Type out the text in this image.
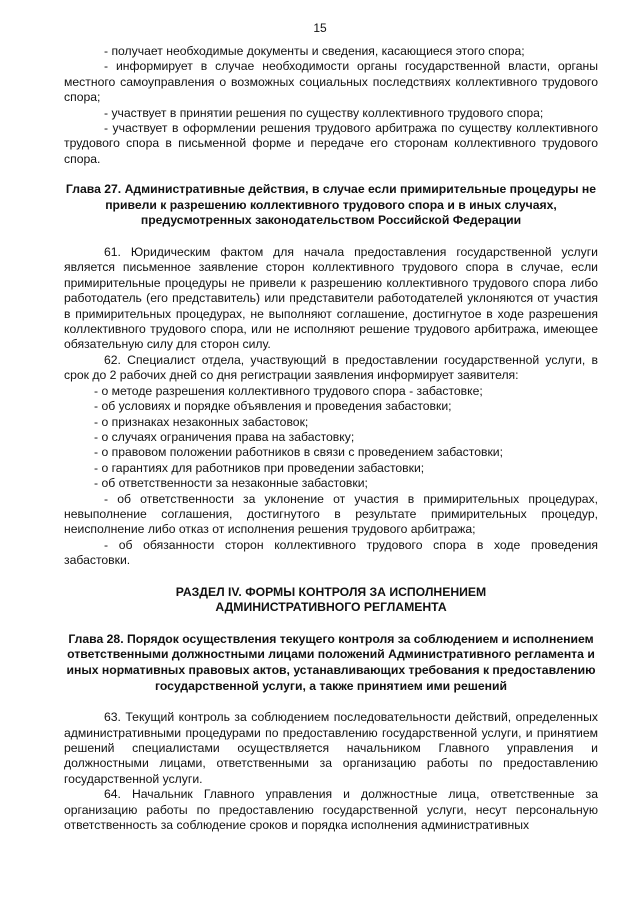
15

- получает необходимые документы и сведения, касающиеся этого спора;

- информирует в случае необходимости органы государственной власти, органы местного самоуправления о возможных социальных последствиях коллективного трудового спора;

- участвует в принятии решения по существу коллективного трудового спора;

- участвует в оформлении решения трудового арбитража по существу коллективного трудового спора в письменной форме и передаче его сторонам коллективного трудового спора.

Глава 27. Административные действия, в случае если примирительные процедуры не привели к разрешению коллективного трудового спора и в иных случаях, предусмотренных законодательством Российской Федерации

61. Юридическим фактом для начала предоставления государственной услуги является письменное заявление сторон коллективного трудового спора в случае, если примирительные процедуры не привели к разрешению коллективного трудового спора либо работодатель (его представитель) или представители работодателей уклоняются от участия в примирительных процедурах, не выполняют соглашение, достигнутое в ходе разрешения коллективного трудового спора, или не исполняют решение трудового арбитража, имеющее обязательную силу для сторон силу.

62. Специалист отдела, участвующий в предоставлении государственной услуги, в срок до 2 рабочих дней со дня регистрации заявления информирует заявителя:

- о методе разрешения коллективного трудового спора - забастовке;

- об условиях и порядке объявления и проведения забастовки;

- о признаках незаконных забастовок;

- о случаях ограничения права на забастовку;

- о правовом положении работников в связи с проведением забастовки;

- о гарантиях для работников при проведении забастовки;

- об ответственности за незаконные забастовки;

- об ответственности за уклонение от участия в примирительных процедурах, невыполнение соглашения, достигнутого в результате примирительных процедур, неисполнение либо отказ от исполнения решения трудового арбитража;

- об обязанности сторон коллективного трудового спора в ходе проведения забастовки.

РАЗДЕЛ IV. ФОРМЫ КОНТРОЛЯ ЗА ИСПОЛНЕНИЕМ
АДМИНИСТРАТИВНОГО РЕГЛАМЕНТА

Глава 28. Порядок осуществления текущего контроля за соблюдением и исполнением ответственными должностными лицами положений Административного регламента и иных нормативных правовых актов, устанавливающих требования к предоставлению государственной услуги, а также принятием ими решений

63. Текущий контроль за соблюдением последовательности действий, определенных административными процедурами по предоставлению государственной услуги, и принятием решений специалистами осуществляется начальником Главного управления и должностными лицами, ответственными за организацию работы по предоставлению государственной услуги.

64. Начальник Главного управления и должностные лица, ответственные за организацию работы по предоставлению государственной услуги, несут персональную ответственность за соблюдение сроков и порядка исполнения административных
